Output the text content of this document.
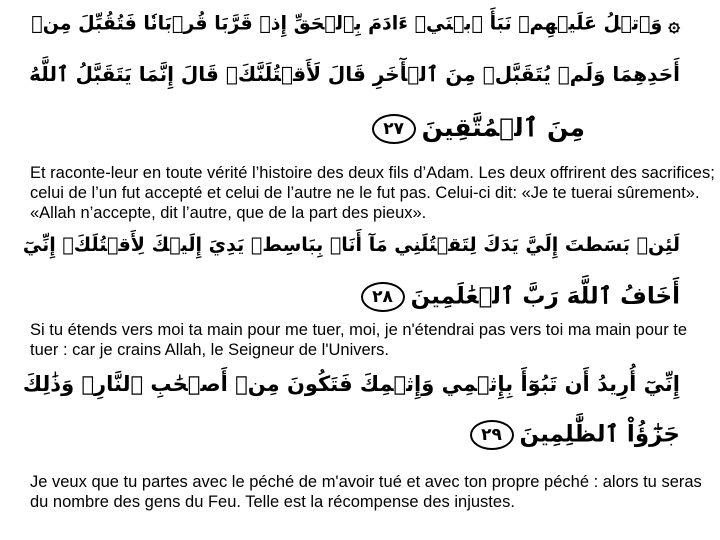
۞وَٱتۡلُ عَلَيۡهِمۡ نَبَأَ ٱبۡنَيۡ ءَادَمَ بِٱلۡحَقِّ إِذۡ قَرَّبَا قُرۡبَانٗا فَتُقُبِّلَ مِنۡ
أَحَدِهِمَا وَلَمۡ يُتَقَبَّلۡ مِنَ ٱلۡأٓخَرِ قَالَ لَأَقۡتُلَنَّكَۖ قَالَ إِنَّمَا يَتَقَبَّلُ ٱللَّهُ
مِنَ ٱلۡمُتَّقِينَ٢٧

Et raconte-leur en toute vérité l’histoire des deux fils d’Adam. Les deux offrirent des sacrifices; celui de l’un fut accepté et celui de l’autre ne le fut pas. Celui-ci dit: «Je te tuerai sûrement». «Allah n’accepte, dit l’autre, que de la part des pieux».

لَئِنۢ بَسَطتَ إِلَيَّ يَدَكَ لِتَقۡتُلَنِي مَآ أَنَا۠ بِبَاسِطٖ يَدِيَ إِلَيۡكَ لِأَقۡتُلَكَۖ إِنِّيٓ
أَخَافُ ٱللَّهَ رَبَّ ٱلۡعَٰلَمِينَ٢٨

Si tu étends vers moi ta main pour me tuer, moi, je n'étendrai pas vers toi ma main pour te tuer : car je crains Allah, le Seigneur de l'Univers.

إِنِّيٓ أُرِيدُ أَن تَبُوٓأَ بِإِثۡمِي وَإِثۡمِكَ فَتَكُونَ مِنۡ أَصۡحَٰبِ ٱلنَّارِۚ وَذَٰلِكَ
جَزَٰٓؤُاْ ٱلظَّٰلِمِينَ٢٩

Je veux que tu partes avec le péché de m'avoir tué et avec ton propre péché : alors tu seras du nombre des gens du Feu. Telle est la récompense des injustes.
